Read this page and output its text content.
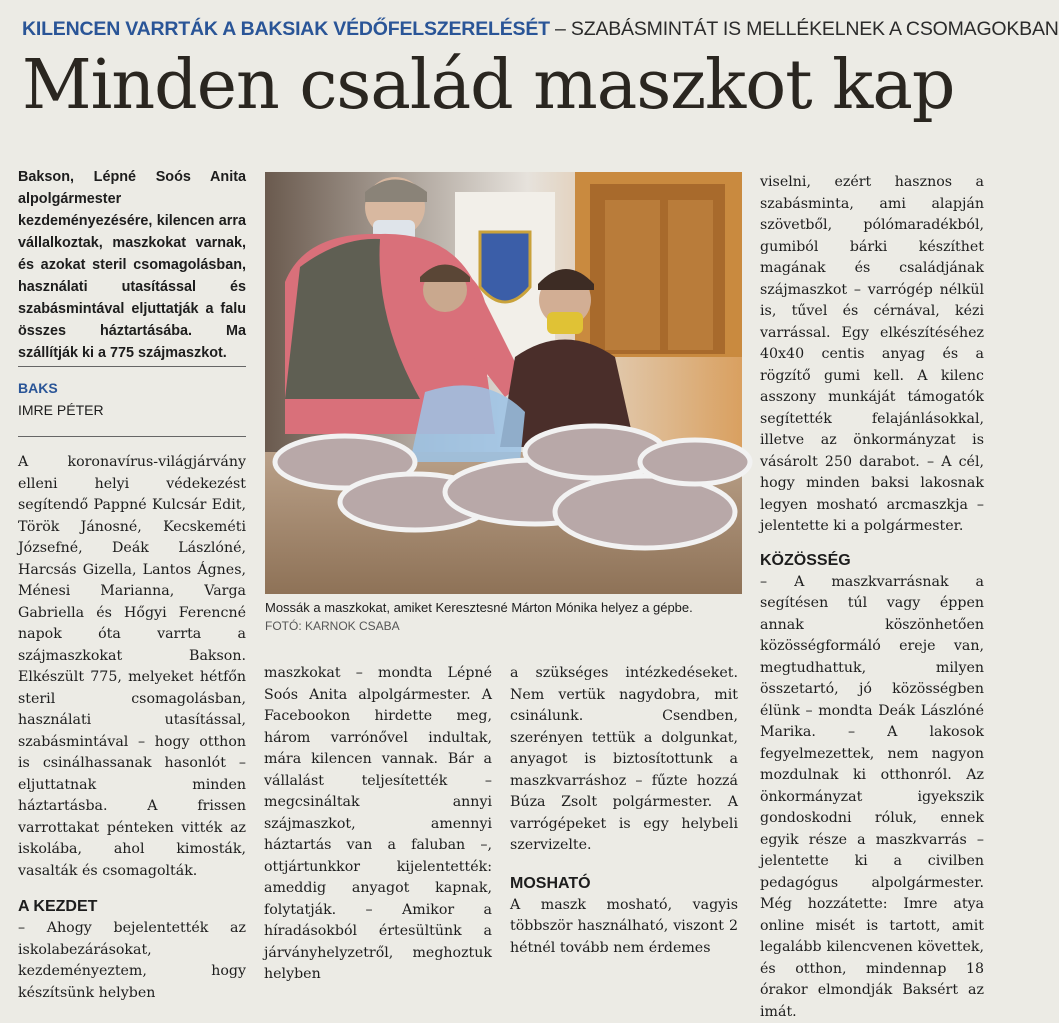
KILENCEN VARRTÁK A BAKSIAK VÉDŐFELSZERELÉSÉT – SZABÁSMINTÁT IS MELLÉKELNEK A CSOMAGOKBAN
Minden család maszkot kap
Bakson, Lépné Soós Anita alpolgármester kezdeményezésére, kilencen arra vállalkoztak, maszkokat varnak, és azokat steril csomagolásban, használati utasítással és szabásmintával eljuttatják a falu összes háztartásába. Ma szállítják ki a 775 szájmaszkot.
BAKS
IMRE PÉTER

A koronavírus-világjárvány elleni helyi védekezést segítendő Pappné Kulcsár Edit, Török Jánosné, Kecskeméti Józsefné, Deák Lászlóné, Harcsás Gizella, Lantos Ágnes, Ménesi Marianna, Varga Gabriella és Hőgyi Ferencné napok óta varrta a szájmaszkokat Bakson. Elkészült 775, melyeket hétfőn steril csomagolásban, használati utasítással, szabásmintával – hogy otthon is csinálhassanak hasonlót – eljuttatnak minden háztartásba. A frissen varrottakat pénteken vitték az iskolába, ahol kimosták, vasalták és csomagolták.

A KEZDET

– Ahogy bejelentették az iskolabezárásokat, kezdeményeztem, hogy készítsünk helyben

Mossák a maszkokat, amiket Keresztesné Márton Mónika helyez a gépbe.
FOTÓ: KARNOK CSABA

maszkokat – mondta Lépné Soós Anita alpolgármester. A Facebookon hirdette meg, három varrónővel indultak, mára kilencen vannak. Bár a vállalást teljesítették – megcsináltak annyi szájmaszkot, amennyi háztartás van a faluban –, ottjártunkkor kijelentették: ameddig anyagot kapnak, folytatják. – Amikor a híradásokból értesültünk a járványhelyzetről, meghoztuk helyben

a szükséges intézkedéseket. Nem vertük nagydobra, mit csinálunk. Csendben, szerényen tettük a dolgunkat, anyagot is biztosítottunk a maszkvarráshoz – fűzte hozzá Búza Zsolt polgármester. A varrógépeket is egy helybeli szervizelte.

MOSHATÓ

A maszk mosható, vagyis többször használható, viszont 2 hétnél tovább nem érdemes

viselni, ezért hasznos a szabásminta, ami alapján szövetből, pólómaradékból, gumiból bárki készíthet magának és családjának szájmaszkot – varrógép nélkül is, tűvel és cérnával, kézi varrással. Egy elkészítéséhez 40x40 centis anyag és a rögzítő gumi kell. A kilenc asszony munkáját támogatók segítették felajánlásokkal, illetve az önkormányzat is vásárolt 250 darabot. – A cél, hogy minden baksi lakosnak legyen mosható arcmaszkja – jelentette ki a polgármester.

KÖZÖSSÉG

– A maszkvarrásnak a segítésen túl vagy éppen annak köszönhetően közösségformáló ereje van, megtudhattuk, milyen összetartó, jó közösségben élünk – mondta Deák Lászlóné Marika. – A lakosok fegyelmezettek, nem nagyon mozdulnak ki otthonról. Az önkormányzat igyekszik gondoskodni róluk, ennek egyik része a maszkvarrás – jelentette ki a civilben pedagógus alpolgármester. Még hozzátette: Imre atya online misét is tartott, amit legalább kilencvenen követtek, és otthon, mindennap 18 órakor elmondják Baksért az imát.
